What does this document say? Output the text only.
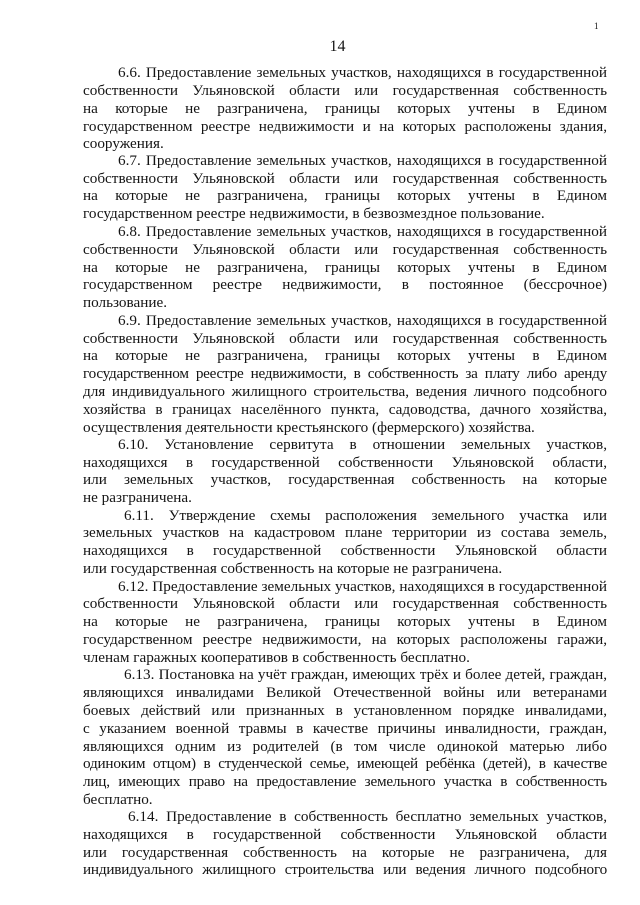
1
14
6.6. Предоставление земельных участков, находящихся в государственной
собственности Ульяновской области или государственная собственность
на которые не разграничена, границы которых учтены в Едином
государственном реестре недвижимости и на которых расположены здания,
сооружения.
6.7. Предоставление земельных участков, находящихся в государственной
собственности Ульяновской области или государственная собственность
на которые не разграничена, границы которых учтены в Едином
государственном реестре недвижимости, в безвозмездное пользование.
6.8. Предоставление земельных участков, находящихся в государственной
собственности Ульяновской области или государственная собственность
на которые не разграничена, границы которых учтены в Едином
государственном реестре недвижимости, в постоянное (бессрочное)
пользование.
6.9. Предоставление земельных участков, находящихся в государственной
собственности Ульяновской области или государственная собственность
на которые не разграничена, границы которых учтены в Едином
государственном реестре недвижимости, в собственность за плату либо аренду
для индивидуального жилищного строительства, ведения личного подсобного
хозяйства в границах населённого пункта, садоводства, дачного хозяйства,
осуществления деятельности крестьянского (фермерского) хозяйства.
6.10. Установление сервитута в отношении земельных участков,
находящихся в государственной собственности Ульяновской области,
или земельных участков, государственная собственность на которые
не разграничена.
6.11. Утверждение схемы расположения земельного участка или
земельных участков на кадастровом плане территории из состава земель,
находящихся в государственной собственности Ульяновской области
или государственная собственность на которые не разграничена.
6.12. Предоставление земельных участков, находящихся в государственной
собственности Ульяновской области или государственная собственность
на которые не разграничена, границы которых учтены в Едином
государственном реестре недвижимости, на которых расположены гаражи,
членам гаражных кооперативов в собственность бесплатно.
6.13. Постановка на учёт граждан, имеющих трёх и более детей, граждан,
являющихся инвалидами Великой Отечественной войны или ветеранами
боевых действий или признанных в установленном порядке инвалидами,
с указанием военной травмы в качестве причины инвалидности, граждан,
являющихся одним из родителей (в том числе одинокой матерью либо
одиноким отцом) в студенческой семье, имеющей ребёнка (детей), в качестве
лиц, имеющих право на предоставление земельного участка в собственность
бесплатно.
6.14. Предоставление в собственность бесплатно земельных участков,
находящихся в государственной собственности Ульяновской области
или государственная собственность на которые не разграничена, для
индивидуального жилищного строительства или ведения личного подсобного
